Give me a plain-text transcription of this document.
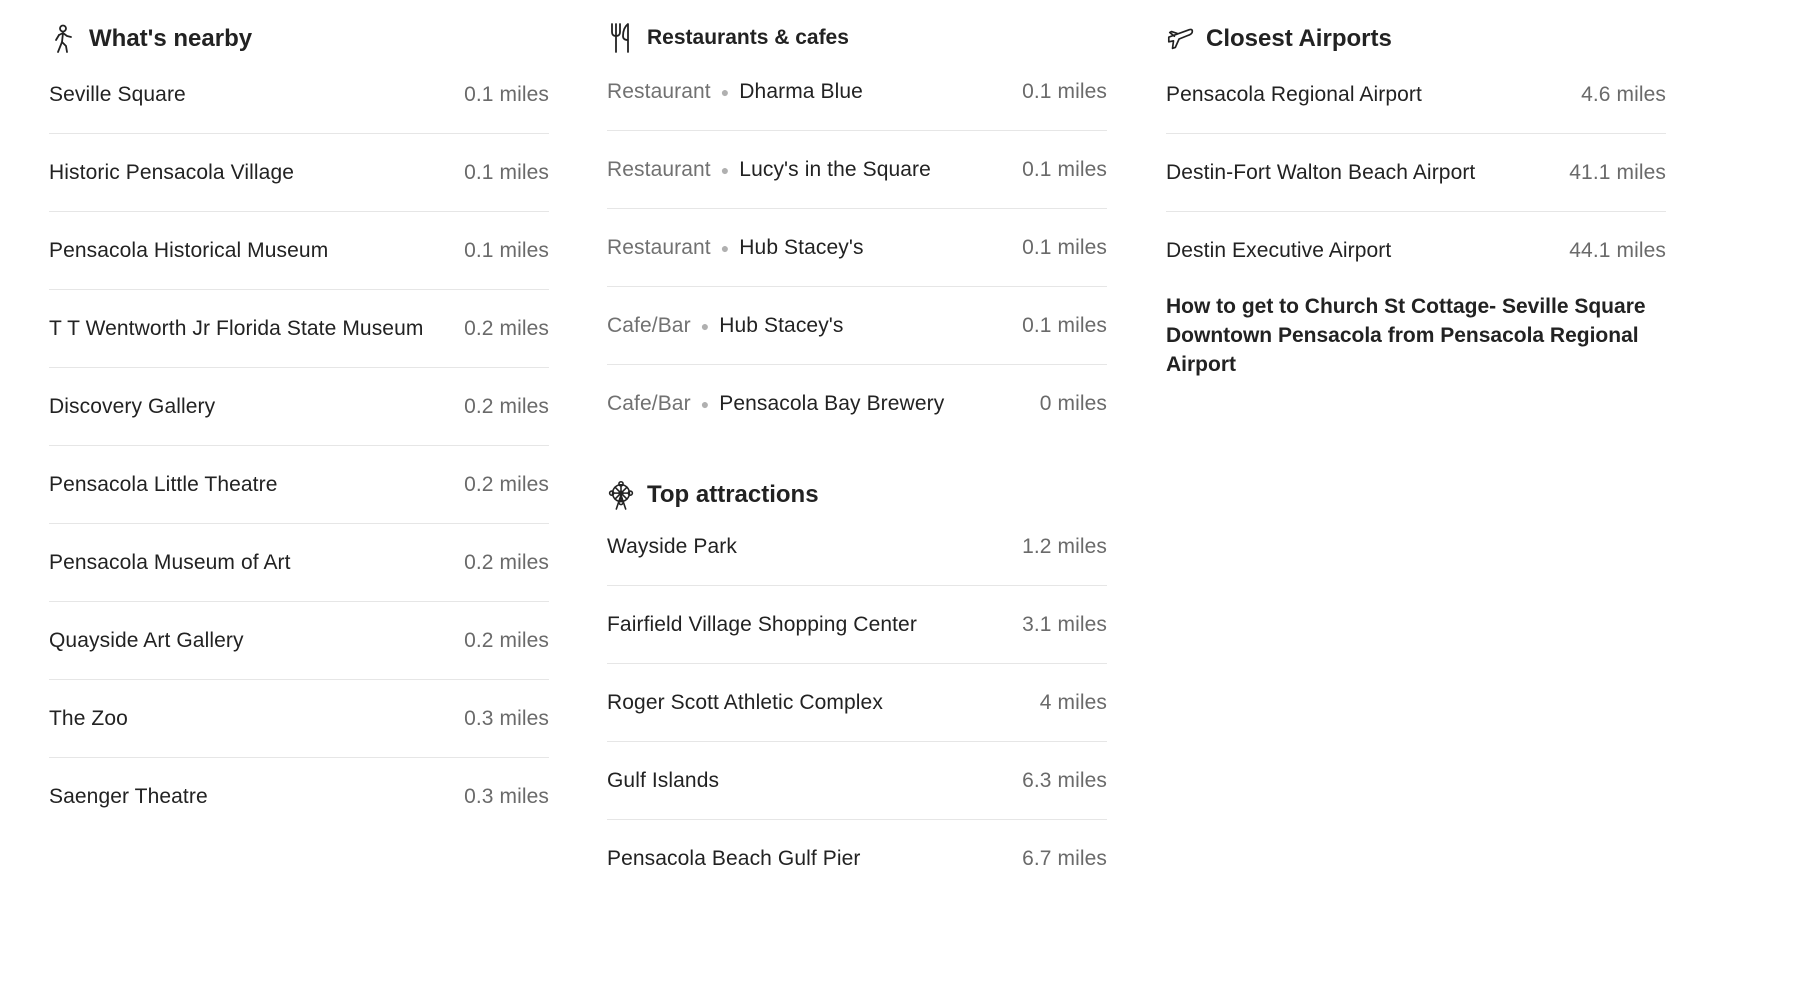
What's nearby
Seville Square	0.1 miles
Historic Pensacola Village	0.1 miles
Pensacola Historical Museum	0.1 miles
T T Wentworth Jr Florida State Museum 0.2 miles
Discovery Gallery	0.2 miles
Pensacola Little Theatre	0.2 miles
Pensacola Museum of Art	0.2 miles
Quayside Art Gallery	0.2 miles
The Zoo	0.3 miles
Saenger Theatre	0.3 miles
Restaurants & cafes
Restaurant ● Dharma Blue	0.1 miles
Restaurant ● Lucy's in the Square	0.1 miles
Restaurant ● Hub Stacey's	0.1 miles
Cafe/Bar ● Hub Stacey's	0.1 miles
Cafe/Bar ● Pensacola Bay Brewery	0 miles
Top attractions
Wayside Park	1.2 miles
Fairfield Village Shopping Center	3.1 miles
Roger Scott Athletic Complex	4 miles
Gulf Islands	6.3 miles
Pensacola Beach Gulf Pier	6.7 miles
Closest Airports
Pensacola Regional Airport	4.6 miles
Destin-Fort Walton Beach Airport	41.1 miles
Destin Executive Airport	44.1 miles
How to get to Church St Cottage- Seville Square Downtown Pensacola from Pensacola Regional Airport
